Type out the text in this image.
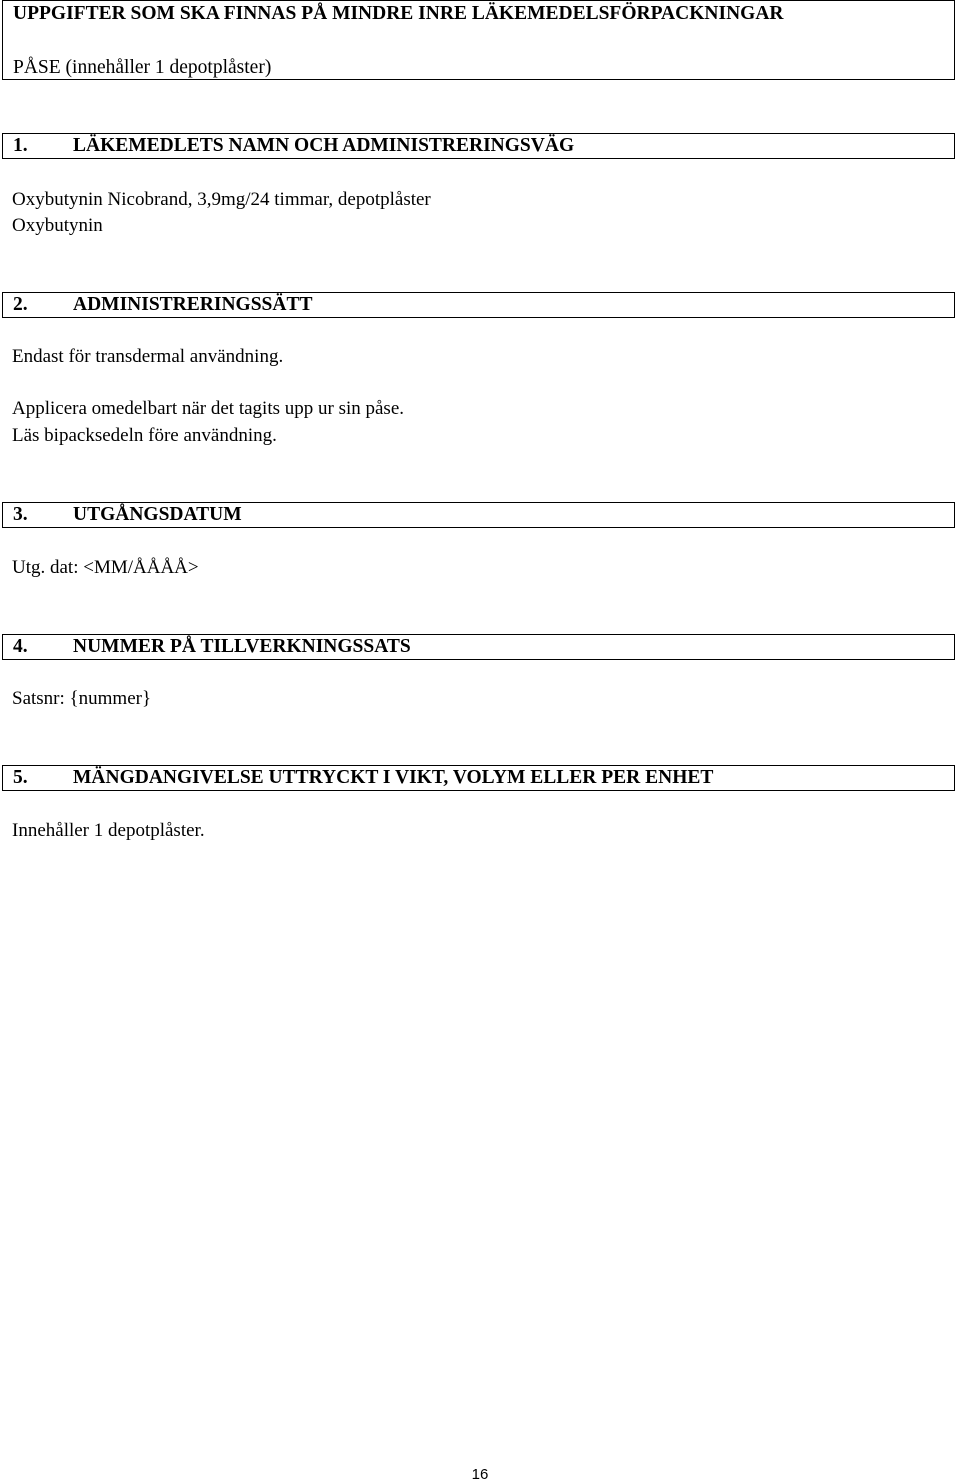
UPPGIFTER SOM SKA FINNAS PÅ MINDRE INRE LÄKEMEDELSFÖRPACKNINGAR
PÅSE (innehåller 1 depotplåster)
1. LÄKEMEDLETS NAMN OCH ADMINISTRERINGSVÄG
Oxybutynin Nicobrand, 3,9mg/24 timmar, depotplåster
Oxybutynin
2. ADMINISTRERINGSSÄTT
Endast för transdermal användning.
Applicera omedelbart när det tagits upp ur sin påse.
Läs bipacksedeln före användning.
3. UTGÅNGSDATUM
Utg. dat: <MM/ÅÅÅÅ>
4. NUMMER PÅ TILLVERKNINGSSATS
Satsnr: {nummer}
5. MÄNGDANGIVELSE UTTRYCKT I VIKT, VOLYM ELLER PER ENHET
Innehåller 1 depotplåster.
16
